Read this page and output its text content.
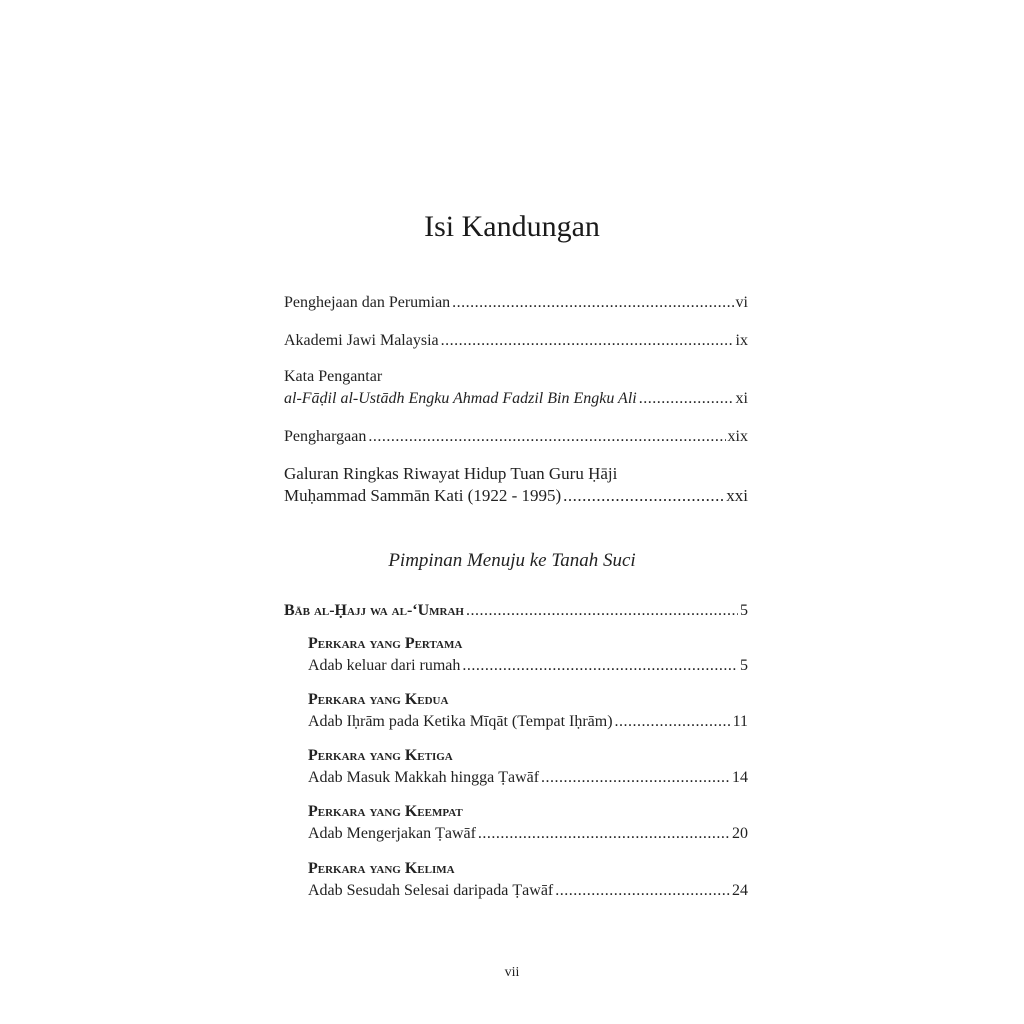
Isi Kandungan
Penghejaan dan Perumian .....	vi
Akademi Jawi Malaysia .....	ix
Kata Pengantar
al-Fāḍil al-Ustādh Engku Ahmad Fadzil Bin Engku Ali .....	xi
Penghargaan .....	xix
Galuran Ringkas Riwayat Hidup Tuan Guru Ḥāji
Muḥammad Sammān Kati (1922 - 1995) .....	xxi
Pimpinan Menuju ke Tanah Suci
Bāb al-Ḥajj wa al-‘Umrah .....	5
Perkara yang Pertama
Adab keluar dari rumah .....	5
Perkara yang Kedua
Adab Iḥrām pada Ketika Mīqāt (Tempat Iḥrām) .....	11
Perkara yang Ketiga
Adab Masuk Makkah hingga Ṭawāf .....	14
Perkara yang Keempat
Adab Mengerjakan Ṭawāf .....	20
Perkara yang Kelima
Adab Sesudah Selesai daripada Ṭawāf .....	24
vii
